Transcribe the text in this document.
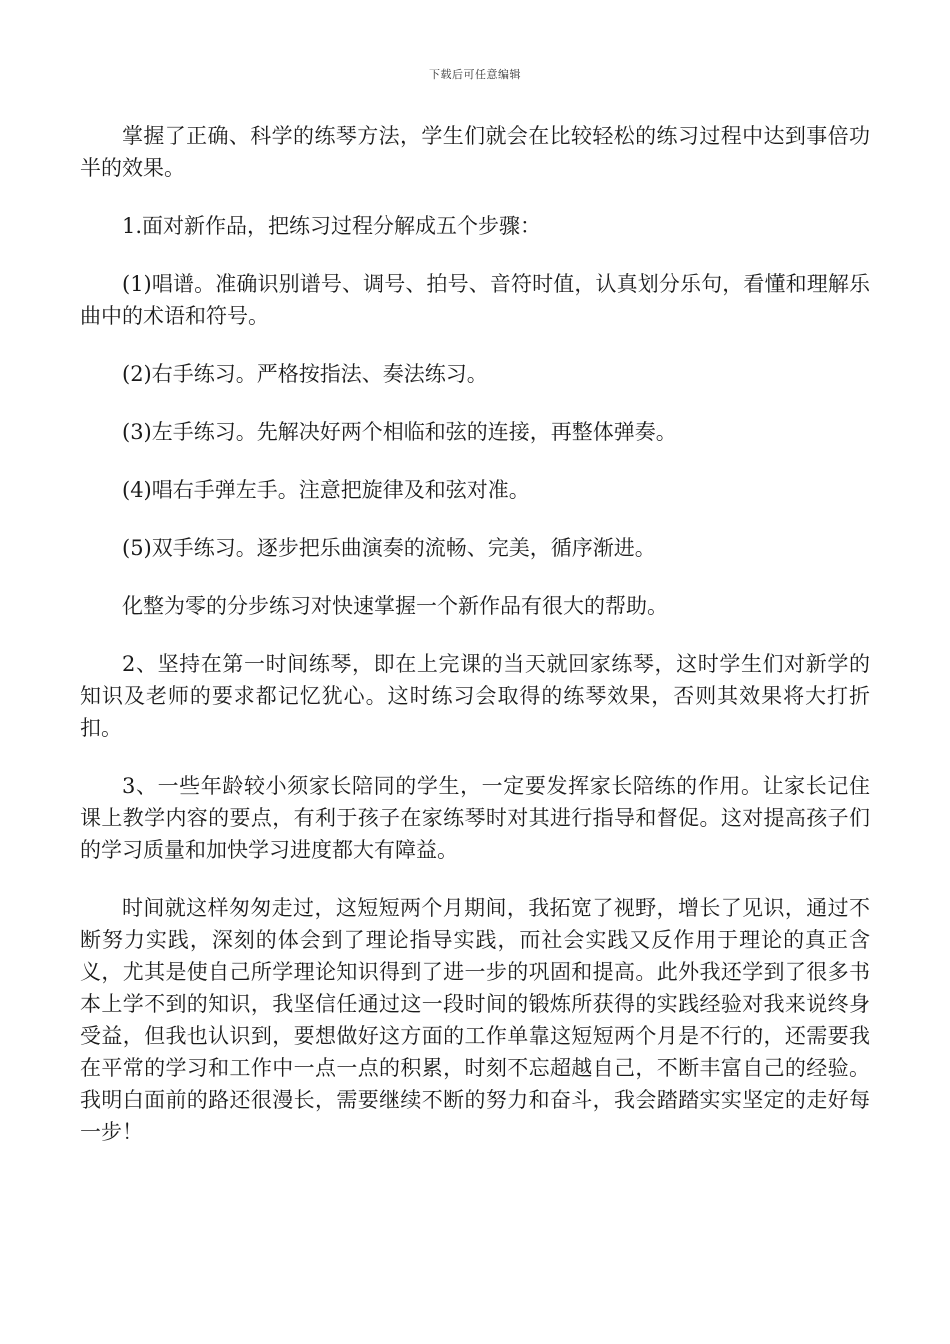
下载后可任意编辑

掌握了正确、科学的练琴方法，学生们就会在比较轻松的练习过程中达到事倍功半的效果。

1.面对新作品，把练习过程分解成五个步骤：

(1)唱谱。准确识别谱号、调号、拍号、音符时值，认真划分乐句，看懂和理解乐曲中的术语和符号。

(2)右手练习。严格按指法、奏法练习。

(3)左手练习。先解决好两个相临和弦的连接，再整体弹奏。

(4)唱右手弹左手。注意把旋律及和弦对准。

(5)双手练习。逐步把乐曲演奏的流畅、完美，循序渐进。

化整为零的分步练习对快速掌握一个新作品有很大的帮助。

2、坚持在第一时间练琴，即在上完课的当天就回家练琴，这时学生们对新学的知识及老师的要求都记忆犹心。这时练习会取得的练琴效果，否则其效果将大打折扣。

3、一些年龄较小须家长陪同的学生，一定要发挥家长陪练的作用。让家长记住课上教学内容的要点，有利于孩子在家练琴时对其进行指导和督促。这对提高孩子们的学习质量和加快学习进度都大有障益。

时间就这样匆匆走过，这短短两个月期间，我拓宽了视野，增长了见识，通过不断努力实践，深刻的体会到了理论指导实践，而社会实践又反作用于理论的真正含义，尤其是使自己所学理论知识得到了进一步的巩固和提高。此外我还学到了很多书本上学不到的知识，我坚信任通过这一段时间的锻炼所获得的实践经验对我来说终身受益，但我也认识到，要想做好这方面的工作单靠这短短两个月是不行的，还需要我在平常的学习和工作中一点一点的积累，时刻不忘超越自己，不断丰富自己的经验。我明白面前的路还很漫长，需要继续不断的努力和奋斗，我会踏踏实实坚定的走好每一步！
